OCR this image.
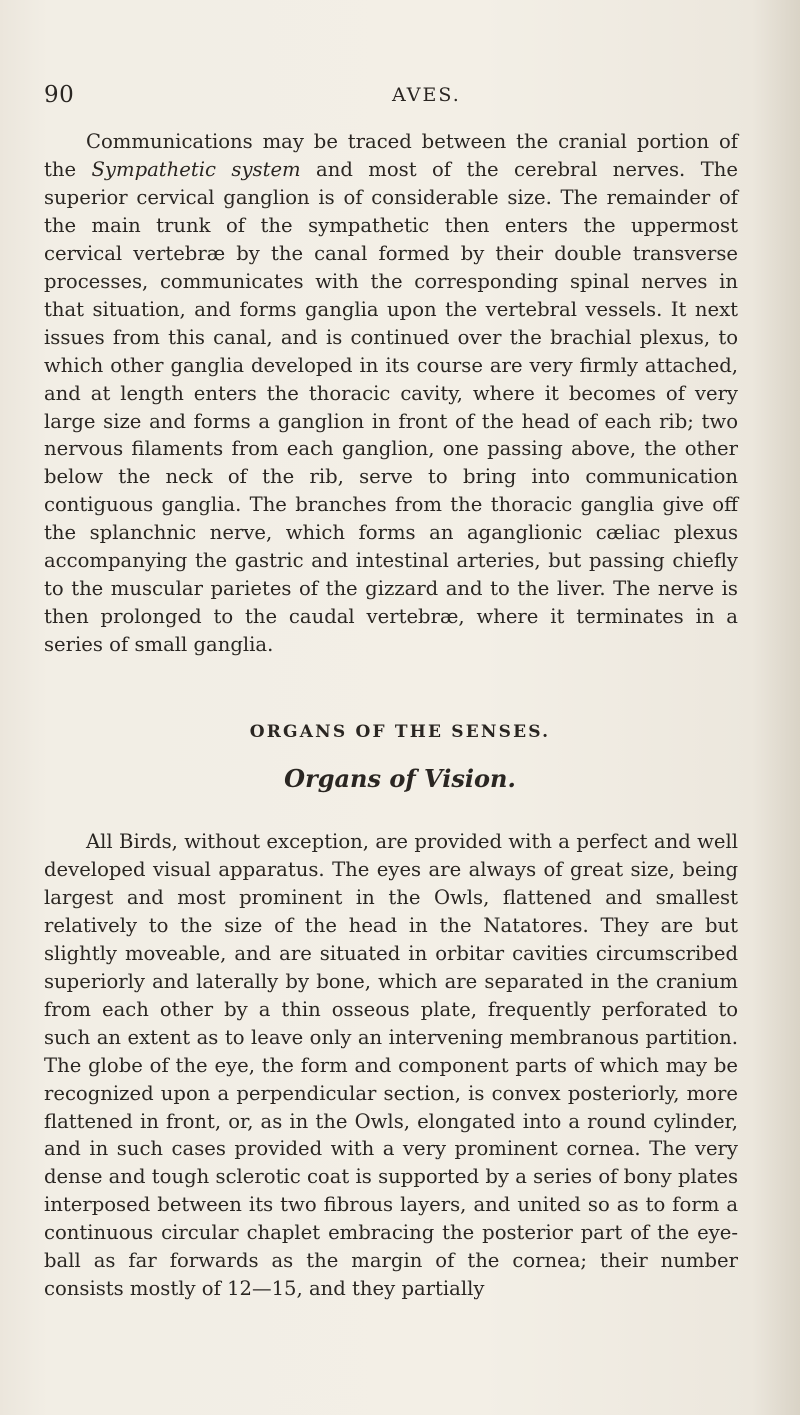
90	AVES.

Communications may be traced between the cranial portion of the Sympathetic system and most of the cerebral nerves. The superior cervical ganglion is of considerable size. The remainder of the main trunk of the sympathetic then enters the uppermost cervical vertebræ by the canal formed by their double transverse processes, communicates with the corresponding spinal nerves in that situation, and forms ganglia upon the vertebral vessels. It next issues from this canal, and is continued over the brachial plexus, to which other ganglia developed in its course are very firmly attached, and at length enters the thoracic cavity, where it becomes of very large size and forms a ganglion in front of the head of each rib; two nervous filaments from each ganglion, one passing above, the other below the neck of the rib, serve to bring into communication contiguous ganglia. The branches from the thoracic ganglia give off the splanchnic nerve, which forms an aganglionic cæliac plexus accompanying the gastric and intestinal arteries, but passing chiefly to the muscular parietes of the gizzard and to the liver. The nerve is then prolonged to the caudal vertebræ, where it terminates in a series of small ganglia.

ORGANS OF THE SENSES.
Organs of Vision.

All Birds, without exception, are provided with a perfect and well developed visual apparatus. The eyes are always of great size, being largest and most prominent in the Owls, flattened and smallest relatively to the size of the head in the Natatores. They are but slightly moveable, and are situated in orbitar cavities circumscribed superiorly and laterally by bone, which are separated in the cranium from each other by a thin osseous plate, frequently perforated to such an extent as to leave only an intervening membranous partition. The globe of the eye, the form and component parts of which may be recognized upon a perpendicular section, is convex posteriorly, more flattened in front, or, as in the Owls, elongated into a round cylinder, and in such cases provided with a very prominent cornea. The very dense and tough sclerotic coat is supported by a series of bony plates interposed between its two fibrous layers, and united so as to form a continuous circular chaplet embracing the posterior part of the eye-ball as far forwards as the margin of the cornea; their number consists mostly of 12—15, and they partially
